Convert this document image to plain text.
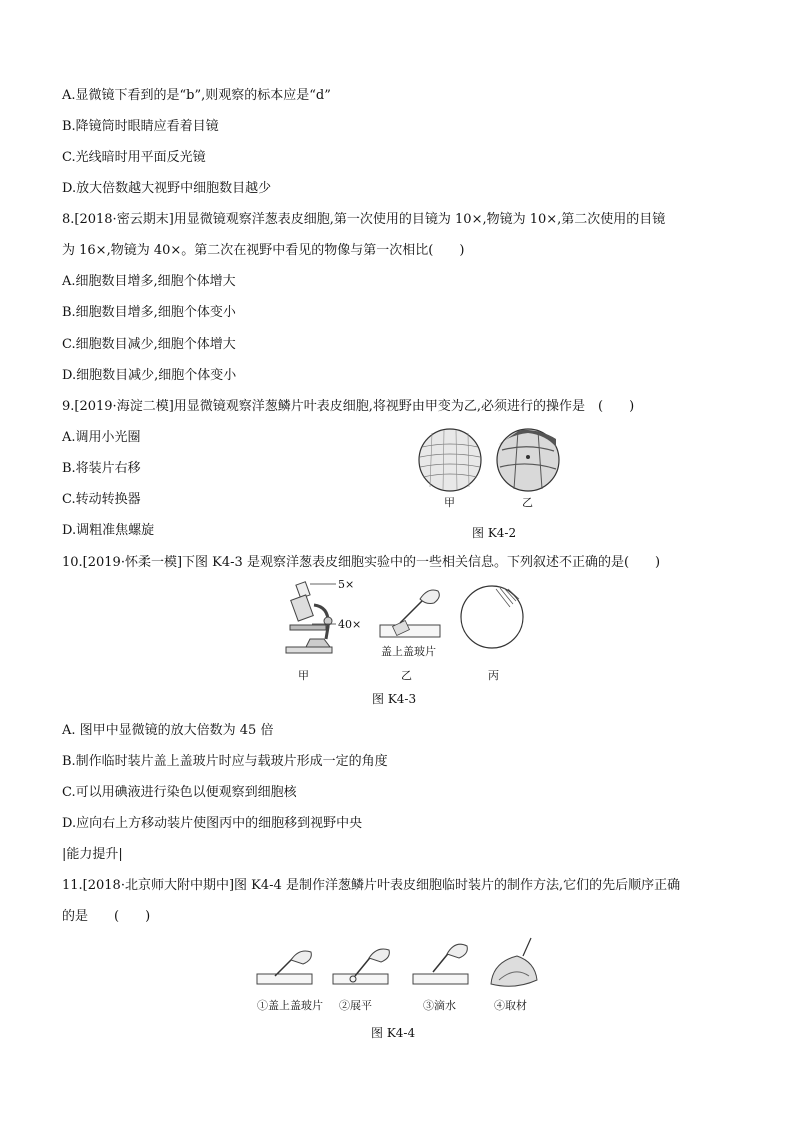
A.显微镜下看到的是“b”,则观察的标本应是“d”
B.降镜筒时眼睛应看着目镜
C.光线暗时用平面反光镜
D.放大倍数越大视野中细胞数目越少
8.[2018·密云期末]用显微镜观察洋葱表皮细胞,第一次使用的目镜为 10×,物镜为 10×,第二次使用的目镜
为 16×,物镜为 40×。第二次在视野中看见的物像与第一次相比(　　)
A.细胞数目增多,细胞个体增大
B.细胞数目增多,细胞个体变小
C.细胞数目减少,细胞个体增大
D.细胞数目减少,细胞个体变小
9.[2019·海淀二模]用显微镜观察洋葱鳞片叶表皮细胞,将视野由甲变为乙,必须进行的操作是　(　　)
A.调用小光圈
B.将装片右移
C.转动转换器
D.调粗准焦螺旋
甲	乙
图 K4-2
10.[2019·怀柔一模]下图 K4-3 是观察洋葱表皮细胞实验中的一些相关信息。下列叙述不正确的是(　　)
5×
40×
盖上盖玻片
甲	乙	丙
图 K4-3
A. 图甲中显微镜的放大倍数为 45 倍
B.制作临时装片盖上盖玻片时应与载玻片形成一定的角度
C.可以用碘液进行染色以便观察到细胞核
D.应向右上方移动装片使图丙中的细胞移到视野中央
|能力提升|
11.[2018·北京师大附中期中]图 K4-4 是制作洋葱鳞片叶表皮细胞临时装片的制作方法,它们的先后顺序正确
的是　　(　　)
①盖上盖玻片 ②展平	③滴水	④取材
图 K4-4
